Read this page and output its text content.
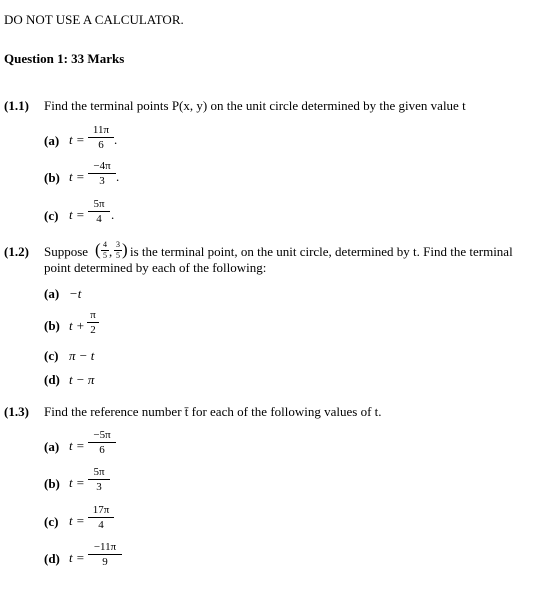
DO NOT USE A CALCULATOR.
Question 1: 33 Marks
(1.1) Find the terminal points P(x, y) on the unit circle determined by the given value t
(a) t =
11π
6 .
(b) t =
−4π
3 .
(c) t =
5π
4 .
(1.2) Suppose ( 4
5 , 3
5 ) is the terminal point, on the unit circle, determined by t. Find the terminal
point determined by each of the following:
(a) −t
(b) t +
π
2
(c) π − t
(d) t − π
(1.3) Find the reference number t̄ for each of the following values of t.
(a) t =
−5π
6
(b) t =
5π
3
(c) t =
17π
4
(d) t =
−11π
9
